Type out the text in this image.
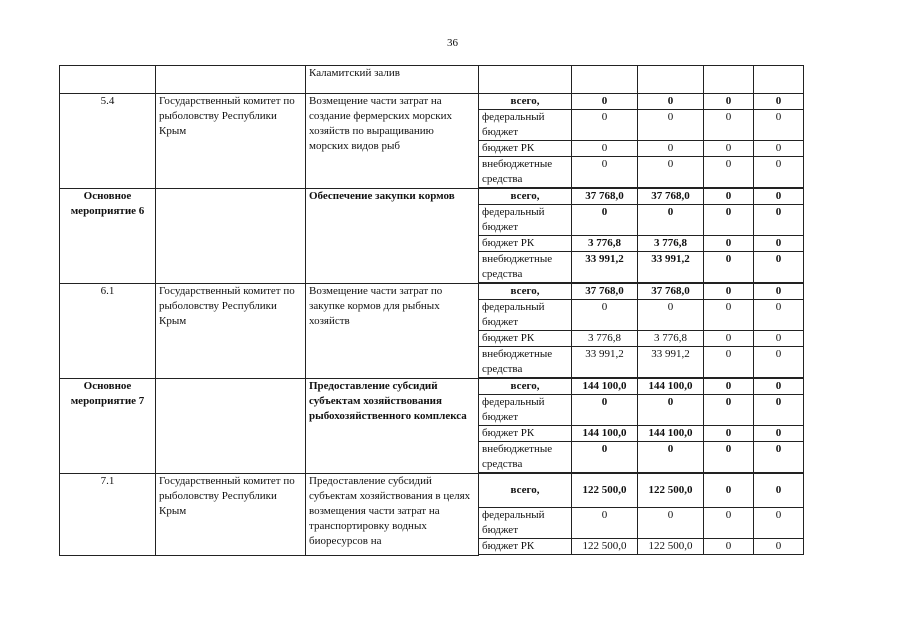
36
		Каламитский залив					
5.4	Государственный комитет по рыболовству Республики Крым	Возмещение части затрат на создание фермерских морских хозяйств по выращиванию морских видов рыб	всего,	0	0	0	0
			федеральный бюджет	0	0	0	0
			бюджет РК	0	0	0	0
			внебюджетные средства	0	0	0	0

Основное мероприятие 6		Обеспечение закупки кормов	всего,	37 768,0	37 768,0	0	0
			федеральный бюджет	0	0	0	0
			бюджет РК	3 776,8	3 776,8	0	0
			внебюджетные средства	33 991,2	33 991,2	0	0

6.1	Государственный комитет по рыболовству Республики Крым	Возмещение части затрат по закупке кормов для рыбных хозяйств	всего,	37 768,0	37 768,0	0	0
			федеральный бюджет	0	0	0	0
			бюджет РК	3 776,8	3 776,8	0	0
			внебюджетные средства	33 991,2	33 991,2	0	0

Основное мероприятие 7		Предоставление субсидий субъектам хозяйствования рыбохозяйственного комплекса	всего,	144 100,0	144 100,0	0	0
			федеральный бюджет	0	0	0	0
			бюджет РК	144 100,0	144 100,0	0	0
			внебюджетные средства	0	0	0	0

7.1	Государственный комитет по рыболовству Республики Крым	Предоставление субсидий субъектам хозяйствования в целях возмещения части затрат на транспортировку водных биоресурсов на	всего,	122 500,0	122 500,0	0	0
			федеральный бюджет	0	0	0	0
			бюджет РК	122 500,0	122 500,0	0	0
